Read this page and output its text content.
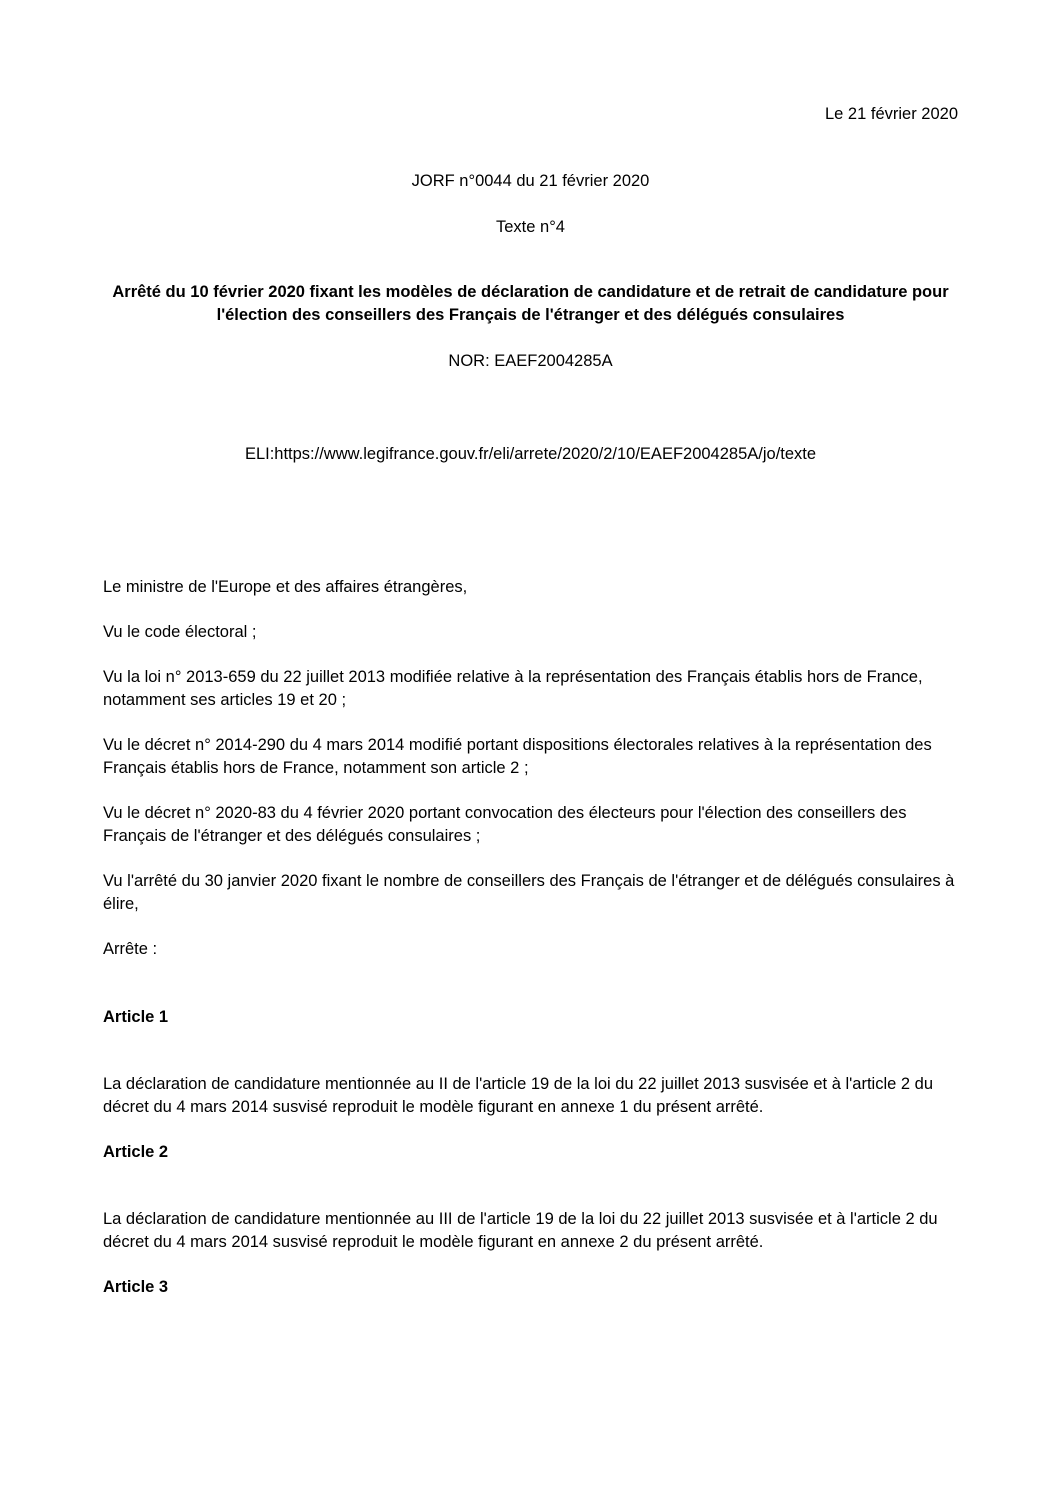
Le 21 février 2020
JORF n°0044 du 21 février 2020
Texte n°4
Arrêté du 10 février 2020 fixant les modèles de déclaration de candidature et de retrait de candidature pour l'élection des conseillers des Français de l'étranger et des délégués consulaires
NOR: EAEF2004285A
ELI:https://www.legifrance.gouv.fr/eli/arrete/2020/2/10/EAEF2004285A/jo/texte

Le ministre de l'Europe et des affaires étrangères,

Vu le code électoral ;

Vu la loi n° 2013-659 du 22 juillet 2013 modifiée relative à la représentation des Français établis hors de France, notamment ses articles 19 et 20 ;

Vu le décret n° 2014-290 du 4 mars 2014 modifié portant dispositions électorales relatives à la représentation des Français établis hors de France, notamment son article 2 ;

Vu le décret n° 2020-83 du 4 février 2020 portant convocation des électeurs pour l'élection des conseillers des Français de l'étranger et des délégués consulaires ;

Vu l'arrêté du 30 janvier 2020 fixant le nombre de conseillers des Français de l'étranger et de délégués consulaires à élire,

Arrête :

Article 1

La déclaration de candidature mentionnée au II de l'article 19 de la loi du 22 juillet 2013 susvisée et à l'article 2 du décret du 4 mars 2014 susvisé reproduit le modèle figurant en annexe 1 du présent arrêté.

Article 2

La déclaration de candidature mentionnée au III de l'article 19 de la loi du 22 juillet 2013 susvisée et à l'article 2 du décret du 4 mars 2014 susvisé reproduit le modèle figurant en annexe 2 du présent arrêté.

Article 3
